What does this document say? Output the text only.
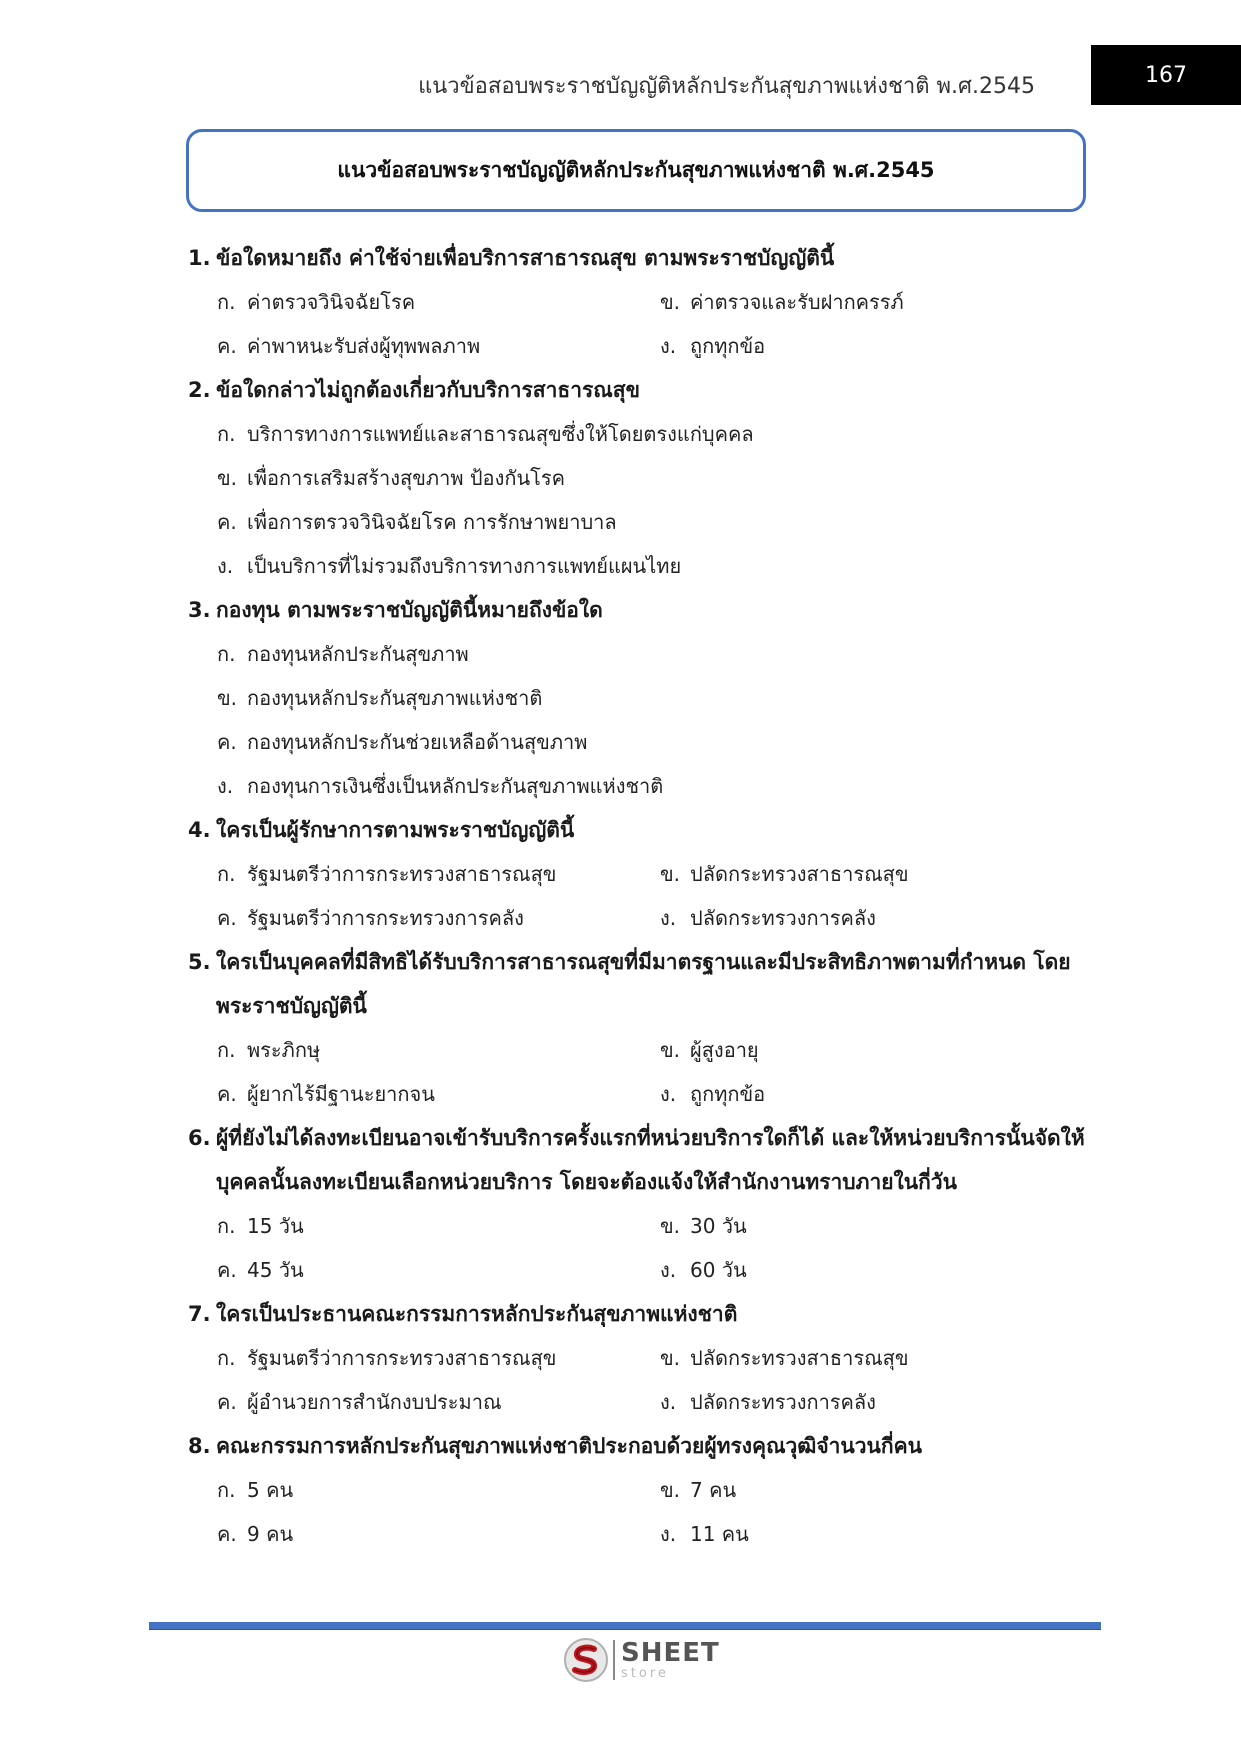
แนวข้อสอบพระราชบัญญัติหลักประกันสุขภาพแห่งชาติ พ.ศ.2545	167
แนวข้อสอบพระราชบัญญัติหลักประกันสุขภาพแห่งชาติ พ.ศ.2545
1. ข้อใดหมายถึง ค่าใช้จ่ายเพื่อบริการสาธารณสุข ตามพระราชบัญญัตินี้
ก. ค่าตรวจวินิจฉัยโรค	ข. ค่าตรวจและรับฝากครรภ์
ค. ค่าพาหนะรับส่งผู้ทุพพลภาพ	ง. ถูกทุกข้อ
2. ข้อใดกล่าวไม่ถูกต้องเกี่ยวกับบริการสาธารณสุข
ก. บริการทางการแพทย์และสาธารณสุขซึ่งให้โดยตรงแก่บุคคล
ข. เพื่อการเสริมสร้างสุขภาพ ป้องกันโรค
ค. เพื่อการตรวจวินิจฉัยโรค การรักษาพยาบาล
ง. เป็นบริการที่ไม่รวมถึงบริการทางการแพทย์แผนไทย
3. กองทุน ตามพระราชบัญญัตินี้หมายถึงข้อใด
ก. กองทุนหลักประกันสุขภาพ
ข. กองทุนหลักประกันสุขภาพแห่งชาติ
ค. กองทุนหลักประกันช่วยเหลือด้านสุขภาพ
ง. กองทุนการเงินซึ่งเป็นหลักประกันสุขภาพแห่งชาติ
4. ใครเป็นผู้รักษาการตามพระราชบัญญัตินี้
ก. รัฐมนตรีว่าการกระทรวงสาธารณสุข	ข. ปลัดกระทรวงสาธารณสุข
ค. รัฐมนตรีว่าการกระทรวงการคลัง	ง. ปลัดกระทรวงการคลัง
5. ใครเป็นบุคคลที่มีสิทธิได้รับบริการสาธารณสุขที่มีมาตรฐานและมีประสิทธิภาพตามที่กำหนด โดยพระราชบัญญัตินี้
ก. พระภิกษุ	ข. ผู้สูงอายุ
ค. ผู้ยากไร้มีฐานะยากจน	ง. ถูกทุกข้อ
6. ผู้ที่ยังไม่ได้ลงทะเบียนอาจเข้ารับบริการครั้งแรกที่หน่วยบริการใดก็ได้ และให้หน่วยบริการนั้นจัดให้บุคคลนั้นลงทะเบียนเลือกหน่วยบริการ โดยจะต้องแจ้งให้สำนักงานทราบภายในกี่วัน
ก. 15 วัน	ข. 30 วัน
ค. 45 วัน	ง. 60 วัน
7. ใครเป็นประธานคณะกรรมการหลักประกันสุขภาพแห่งชาติ
ก. รัฐมนตรีว่าการกระทรวงสาธารณสุข	ข. ปลัดกระทรวงสาธารณสุข
ค. ผู้อำนวยการสำนักงบประมาณ	ง. ปลัดกระทรวงการคลัง
8. คณะกรรมการหลักประกันสุขภาพแห่งชาติประกอบด้วยผู้ทรงคุณวุฒิจำนวนกี่คน
ก. 5 คน	ข. 7 คน
ค. 9 คน	ง. 11 คน
SHEET
store
